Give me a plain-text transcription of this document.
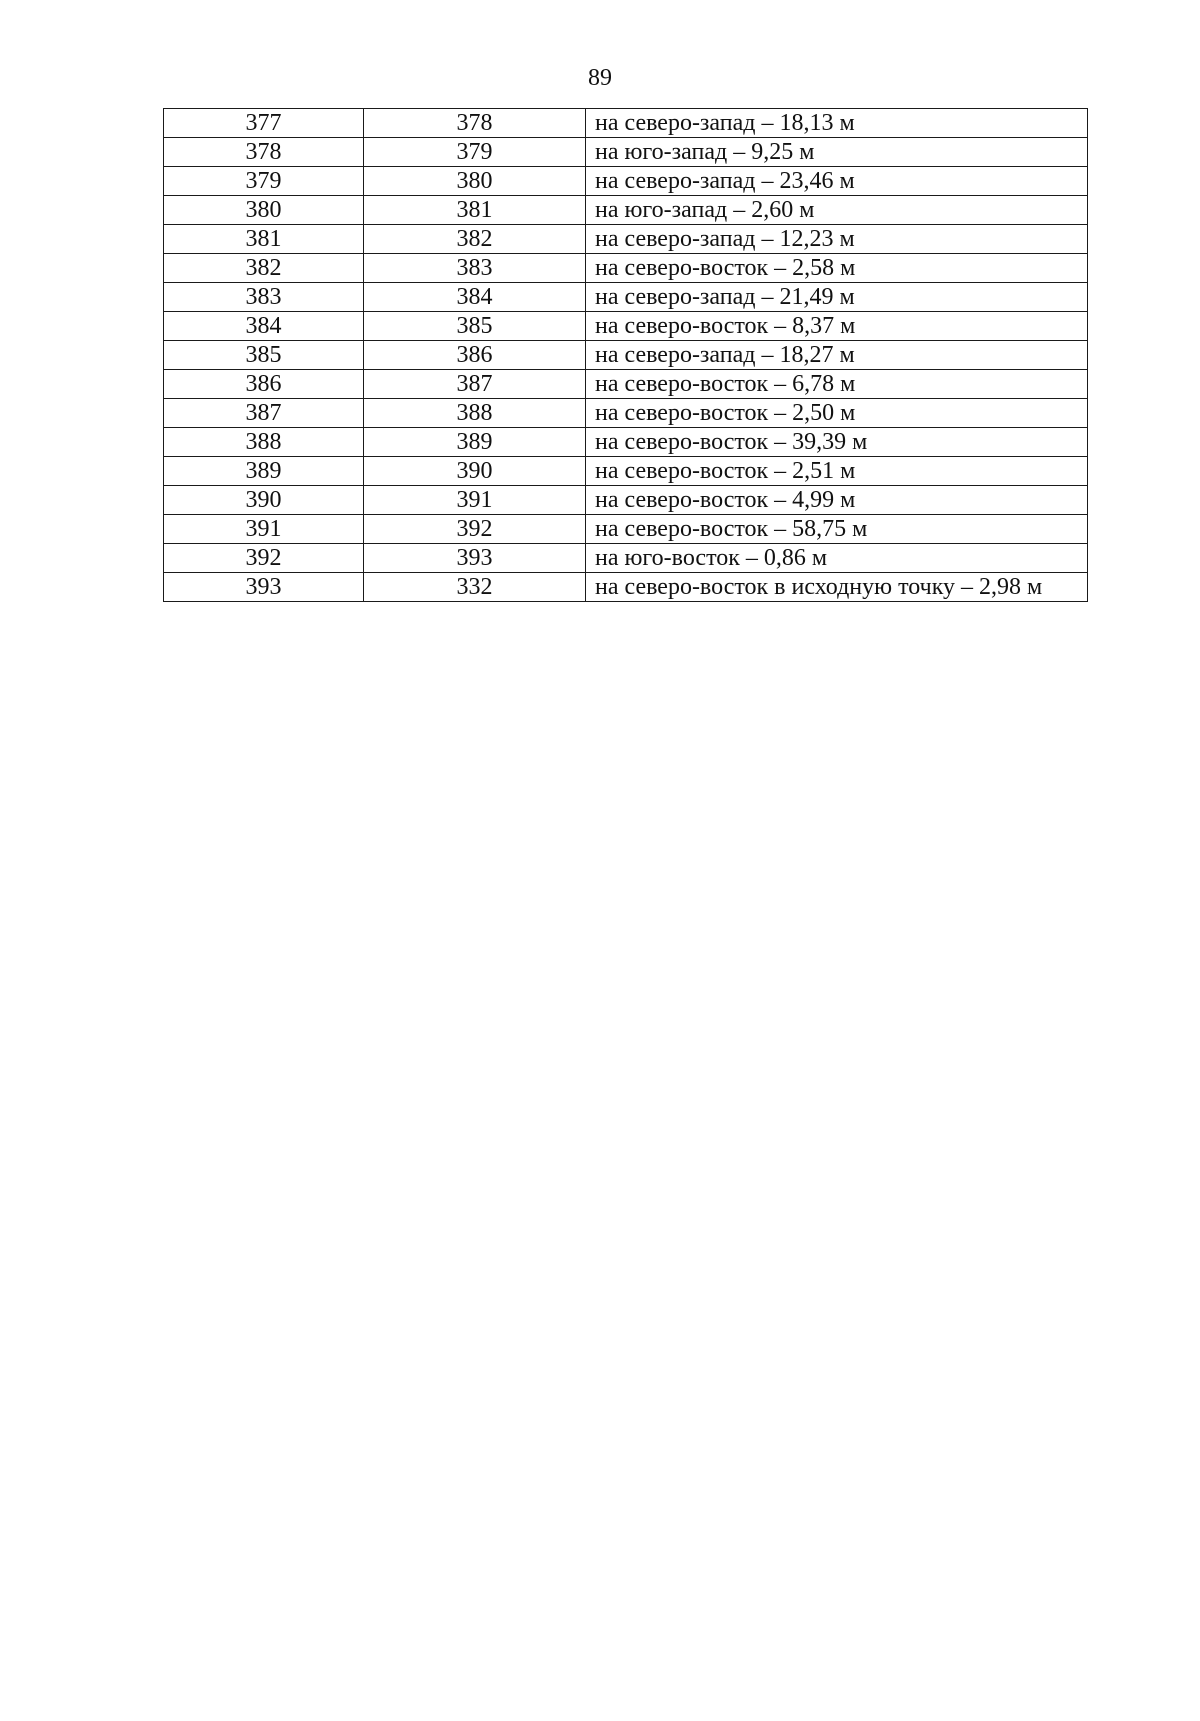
89
377	378	на северо-запад – 18,13 м
378	379	на юго-запад – 9,25 м
379	380	на северо-запад – 23,46 м
380	381	на юго-запад – 2,60 м
381	382	на северо-запад – 12,23 м
382	383	на северо-восток – 2,58 м
383	384	на северо-запад – 21,49 м
384	385	на северо-восток – 8,37 м
385	386	на северо-запад – 18,27 м
386	387	на северо-восток – 6,78 м
387	388	на северо-восток – 2,50 м
388	389	на северо-восток – 39,39 м
389	390	на северо-восток – 2,51 м
390	391	на северо-восток – 4,99 м
391	392	на северо-восток – 58,75 м
392	393	на юго-восток – 0,86 м
393	332	на северо-восток в исходную точку – 2,98 м
